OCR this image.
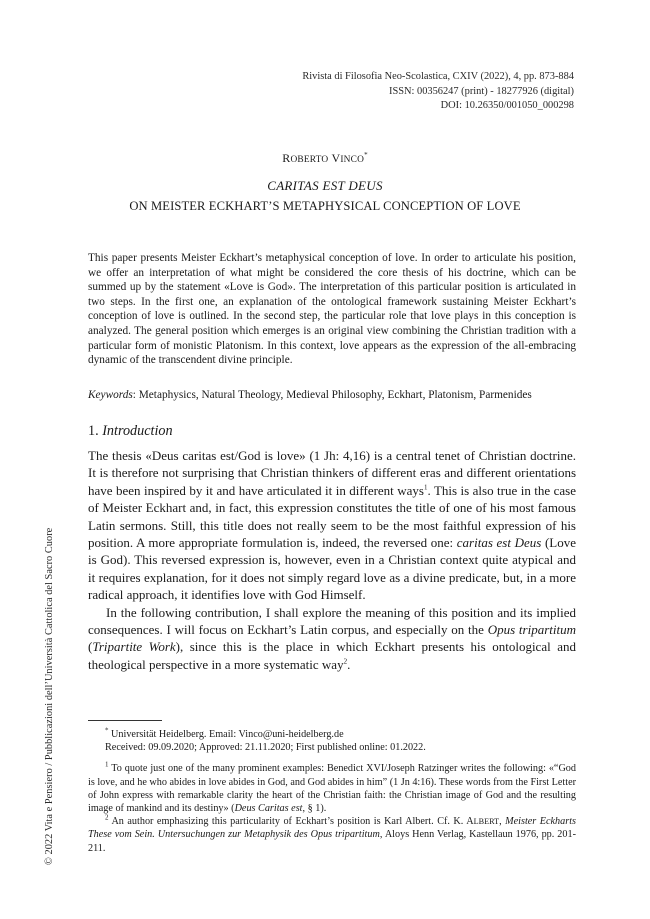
Rivista di Filosofia Neo-Scolastica, CXIV (2022), 4, pp. 873-884
ISSN: 00356247 (print) - 18277926 (digital)
DOI: 10.26350/001050_000298
ROBERTO VINCO*
CARITAS EST DEUS
ON MEISTER ECKHART’S METAPHYSICAL CONCEPTION OF LOVE
This paper presents Meister Eckhart’s metaphysical conception of love. In order to articulate his position, we offer an interpretation of what might be considered the core thesis of his doctrine, which can be summed up by the statement «Love is God». The interpretation of this particular position is articulated in two steps. In the first one, an explanation of the ontological framework sustaining Meister Eckhart’s conception of love is outlined. In the second step, the particular role that love plays in this conception is analyzed. The general position which emerges is an original view combining the Christian tradition with a particular form of monistic Platonism. In this context, love appears as the expression of the all-embracing dynamic of the transcendent divine principle.
Keywords: Metaphysics, Natural Theology, Medieval Philosophy, Eckhart, Platonism, Parmenides
1. Introduction

The thesis «Deus caritas est/God is love» (1 Jh: 4,16) is a central tenet of Christian doctrine. It is therefore not surprising that Christian thinkers of different eras and different orientations have been inspired by it and have articulated it in different ways$^1$. This is also true in the case of Meister Eckhart and, in fact, this expression constitutes the title of one of his most famous Latin sermons. Still, this title does not really seem to be the most faithful expression of his position. A more appropriate formulation is, indeed, the reversed one: caritas est Deus (Love is God). This reversed expression is, however, even in a Christian context quite atypical and it requires explanation, for it does not simply regard love as a divine predicate, but, in a more radical approach, it identifies love with God Himself.

In the following contribution, I shall explore the meaning of this position and its implied consequences. I will focus on Eckhart’s Latin corpus, and especially on the Opus tripartitum (Tripartite Work), since this is the place in which Eckhart presents his ontological and theological perspective in a more systematic way$^2$.

* Universität Heidelberg. Email: Vinco@uni-heidelberg.de

Received: 09.09.2020; Approved: 21.11.2020; First published online: 01.2022.

$^1$ To quote just one of the many prominent examples: Benedict XVI/Joseph Ratzinger writes the following: «“God is love, and he who abides in love abides in God, and God abides in him” (1 Jn 4:16). These words from the First Letter of John express with remarkable clarity the heart of the Christian faith: the Christian image of God and the resulting image of mankind and its destiny» (Deus Caritas est, § 1).

$^2$ An author emphasizing this particularity of Eckhart’s position is Karl Albert. Cf. K. ALBERT, Meister Eckharts These vom Sein. Untersuchungen zur Metaphysik des Opus tripartitum, Aloys Henn Verlag, Kastellaun 1976, pp. 201-211.

© 2022 Vita e Pensiero / Pubblicazioni dell’Università Cattolica del Sacro Cuore
